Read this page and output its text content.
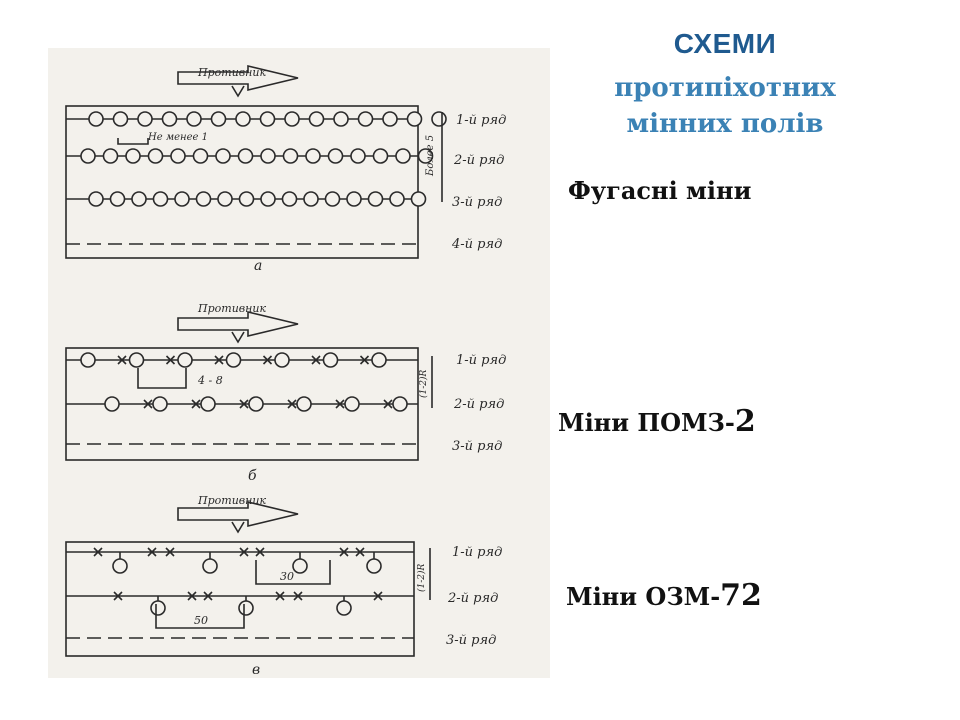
СХЕМИ
протипіхотних
мінних полів
Фугасні міни
Міни ПОМЗ-2
Міни ОЗМ-72
Противник
Не менее 1	Более 5
1-й ряд
2-й ряд
3-й ряд
4-й ряд
а
Противник
4 - 8	(1-2)R
1-й ряд
2-й ряд
3-й ряд
б
Противник
30
50
(1-2)R
1-й ряд
2-й ряд
3-й ряд
в
